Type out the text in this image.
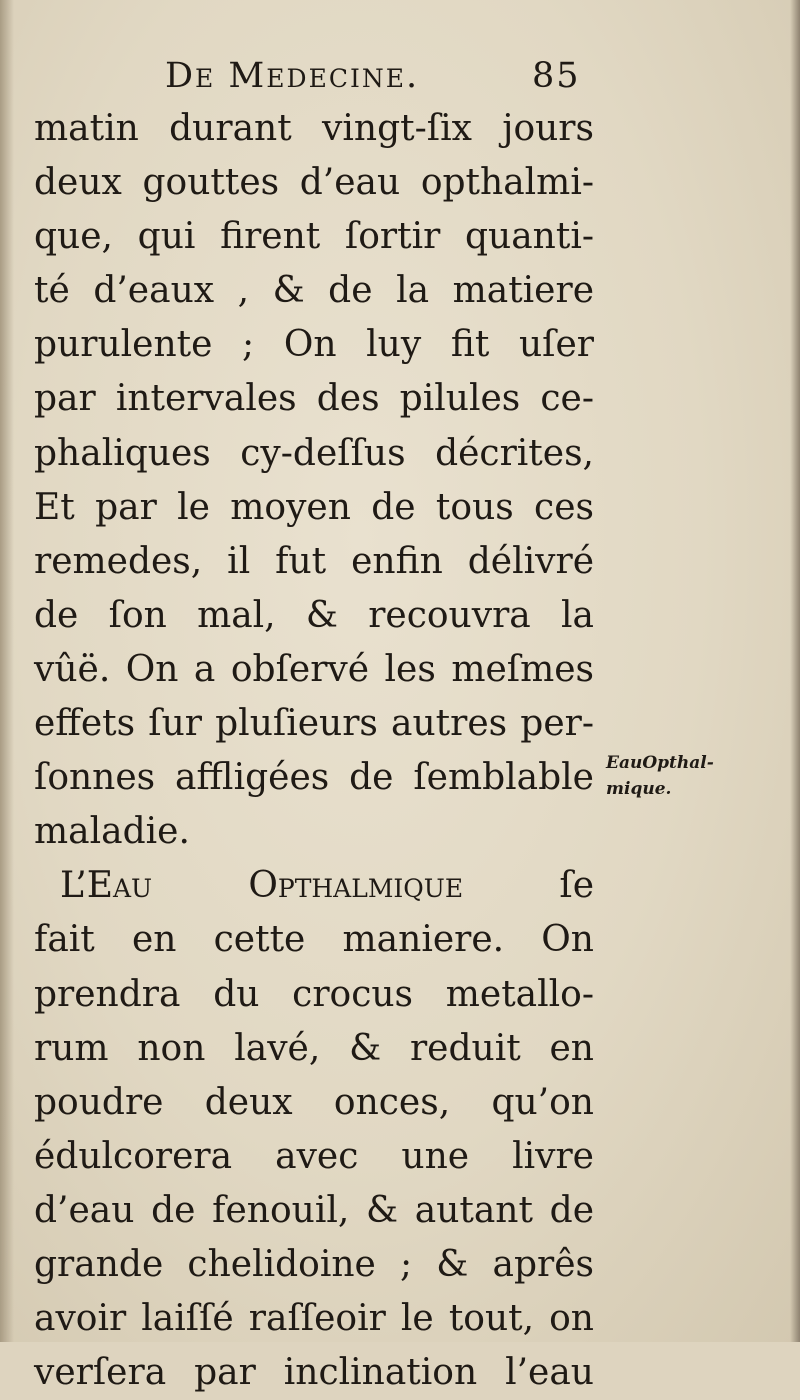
De Medecine.	85
matin durant vingt-ſix jours
deux gouttes d’eau opthalmi-
que, qui firent ſortir quanti-
té d’eaux , & de la matiere
purulente ; On luy fit uſer
par intervales des pilules ce-
phaliques cy-deſſus décrites,
Et par le moyen de tous ces
remedes, il fut enfin délivré
de ſon mal, & recouvra la
vûë. On a obſervé les meſmes
effets ſur pluſieurs autres per-
ſonnes affligées de ſemblable
maladie.
L’Eau Opthalmique ſe
fait en cette maniere. On
prendra du crocus metallo-
rum non lavé, & reduit en
poudre deux onces, qu’on
édulcorera avec une livre
d’eau de fenouil, & autant de
grande chelidoine ; & aprês
avoir laiſſé raſſeoir le tout, on
verſera par inclination l’eau
EauOpthal-
mique.
